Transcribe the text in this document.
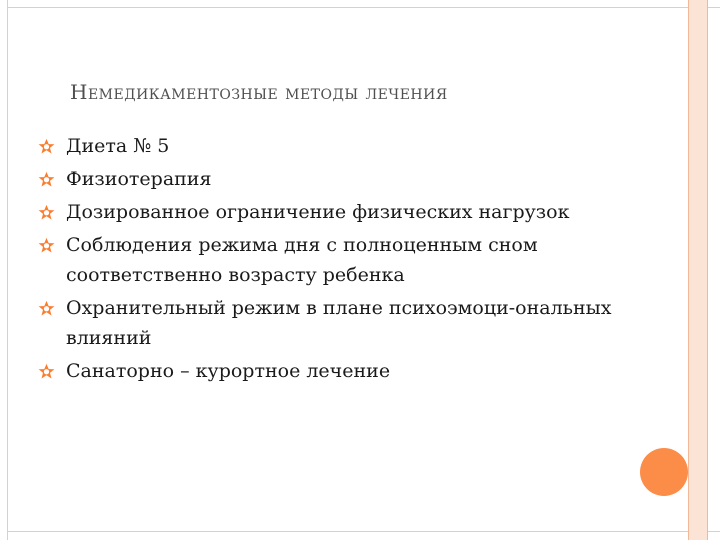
Немедикаментозные методы лечения
Диета № 5
Физиотерапия
Дозированное ограничение физических нагрузок
Соблюдения режима дня с полноценным сном соответственно возрасту ребенка
Охранительный режим в плане психоэмоци-ональных влияний
Санаторно – курортное лечение
